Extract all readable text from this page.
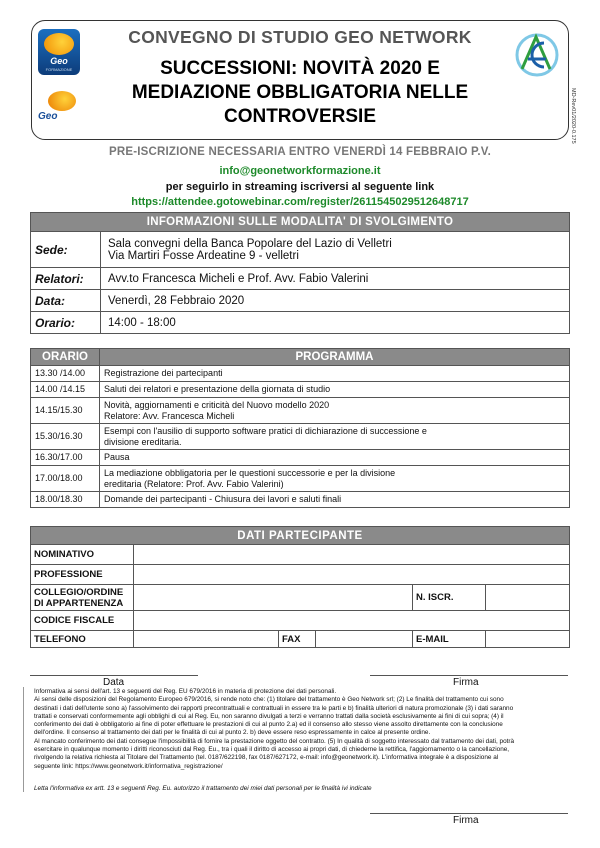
Geo
FORMAZIONE
Geo
CONVEGNO DI STUDIO GEO NETWORK
SUCCESSIONI: NOVITÀ 2020 E
MEDIAZIONE OBBLIGATORIA NELLE
CONTROVERSIE	MD-Rev01/2020-0.175
PRE-ISCRIZIONE NECESSARIA ENTRO VENERDÌ 14 FEBBRAIO P.V.
info@geonetworkformazione.it
per seguirlo in streaming iscriversi al seguente link
https://attendee.gotowebinar.com/register/2611545029512648717
INFORMAZIONI SULLE MODALITA' DI SVOLGIMENTO	
Sede:	Sala convegni della Banca Popolare del Lazio di Velletri
Via Martiri Fosse Ardeatine 9 - velletri

Relatori:	Avv.to Francesca Micheli e Prof. Avv. Fabio Valerini
Data:	Venerdì, 28 Febbraio 2020
Orario:	14:00 - 18:00
ORARIO	PROGRAMMA
13.30 /14.00	Registrazione dei partecipanti
14.00 /14.15	Saluti dei relatori e presentazione della giornata di studio
14.15/15.30	Novità, aggiornamenti e criticità del Nuovo modello 2020
Relatore: Avv. Francesca Micheli

15.30/16.30	Esempi con l'ausilio di supporto software pratici di dichiarazione di successione e
divisione ereditaria.

16.30/17.00	Pausa
17.00/18.00	La mediazione obbligatoria per le questioni successorie e per la divisione
ereditaria (Relatore: Prof. Avv. Fabio Valerini)

18.00/18.30	Domande dei partecipanti - Chiusura dei lavori e saluti finali
DATI PARTECIPANTE					
NOMINATIVO					
PROFESSIONE					

COLLEGIO/ORDINE
DI APPARTENENZA				N. ISCR.	
CODICE FISCALE					
TELEFONO		FAX		E-MAIL	
Data	Firma

Informativa ai sensi dell'art. 13 e seguenti del Reg. EU 679/2016 in materia di protezione dei dati personali.

Ai sensi delle disposizioni del Regolamento Europeo 679/2016, si rende noto che: (1) titolare del trattamento è Geo Network srl; (2) Le finalità del trattamento cui sono

destinati i dati dell'utente sono a) l'assolvimento dei rapporti precontrattuali e contrattuali in essere tra le parti e b) finalità ulteriori di natura promozionale (3) i dati saranno

trattati e conservati conformemente agli obblighi di cui al Reg. Eu, non saranno divulgati a terzi e verranno trattati dalla società esclusivamente ai fini di cui sopra; (4) il

conferimento dei dati è obbligatorio ai fine di poter effettuare le prestazioni di cui al punto 2.a) ed il consenso allo stesso viene assolto direttamente con la conclusione

dell'ordine. Il consenso al trattamento dei dati per le finalità di cui al punto 2. b) deve essere reso espressamente in calce al presente ordine.

Al mancato conferimento dei dati consegue l'impossibilità di fornire la prestazione oggetto del contratto. (5) In qualità di soggetto interessato dal trattamento dei dati, potrà

esercitare in qualunque momento i diritti riconosciuti dal Reg. Eu., tra i quali il diritto di accesso ai propri dati, di chiederne la rettifica, l'aggiornamento o la cancellazione,

rivolgendo la relativa richiesta al Titolare del Trattamento (tel. 0187/622198, fax 0187/627172, e-mail: info@geonetwork.it). L'informativa integrale è a disposizione al

seguente link: https://www.geonetwork.it/informativa_registrazione/

Letta l'informativa ex artt. 13 e seguenti Reg. Eu. autorizzo il trattamento dei miei dati personali per le finalità ivi indicate
Firma
